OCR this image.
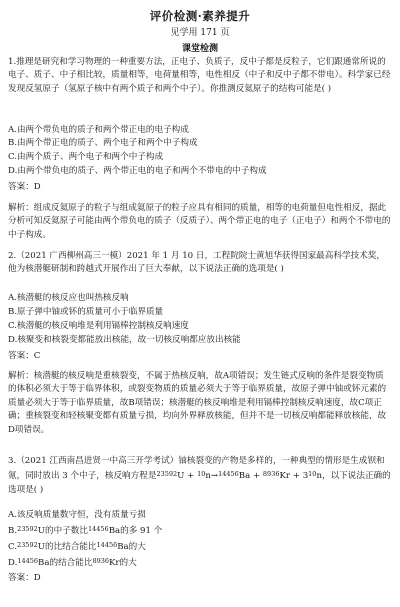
评价检测·素养提升
见学用 171 页
课堂检测
1.推理是研究和学习物理的一种重要方法，正电子、负质子，反中子都是反粒子，它们跟通常所说的电子、质子、中子相比较，质量相等，电荷量相等，电性相反（中子和反中子都不带电）。科学家已经发现反氢原子（氢原子核中有两个质子和两个中子）。你推测反氦原子的结构可能是( )
A.由两个带负电的质子和两个带正电的电子构成
B.由两个带正电的质子、两个电子和两个中子构成
C.由两个质子、两个电子和两个中子构成
D.由两个带负电的质子、两个带正电的电子和两个不带电的中子构成
答案：D
解析：组成反氦原子的粒子与组成氦原子的粒子应具有相同的质量，相等的电荷量但电性相反，据此分析可知反氦原子可能由两个带负电的质子（反质子）、两个带正电的电子（正电子）和两个不带电的中子构成。
2.（2021 广西柳州高三一模）2021 年 1 月 10 日，工程院院士黄旭华获得国家最高科学技术奖，他为核潜艇研制和跨越式开展作出了巨大奉献，以下说法正确的选项是( )
A.核潜艇的核反应也叫热核反响
B.原子弹中铀或钚的质量可小于临界质量
C.核潜艇的核反响堆是利用镉棒控制核反响速度
D.核聚变和核裂变都能放出核能，故一切核反响都应放出核能
答案：C
解析：核潜艇的核反响是重核裂变，不属于热核反响，故A项错误；发生链式反响的条件是裂变物质的体积必须大于等于临界体积，或裂变物质的质量必须大于等于临界质量，故原子弹中铀或钚元素的质量必须大于等于临界质量，故B项错误；核潜艇的核反响堆是利用镉棒控制核反响速度，故C项正确；重核裂变和轻核聚变都有质量亏损，均向外界释放核能，但并不是一切核反响都能释放核能，故D项错误。
3.（2021 江西南昌进贤一中高三开学考试）铀核裂变的产物是多样的，一种典型的情形是生成钡和氪，同时放出 3 个中子，核反响方程是$^{235}_{92}U + ^1_0n\to^{144}_{56}Ba + ^{89}_{36}Kr + 3^1_0n$，以下说法正确的选项是( )
A.该反响质量数守恒，没有质量亏损
B.$^{235}_{92}$U的中子数比$^{144}_{56}$Ba的多 91 个
C.$^{235}_{92}$U的比结合能比$^{144}_{56}$Ba的大
D.$^{144}_{56}$Ba的结合能比$^{89}_{36}$Kr的大
答案：D
